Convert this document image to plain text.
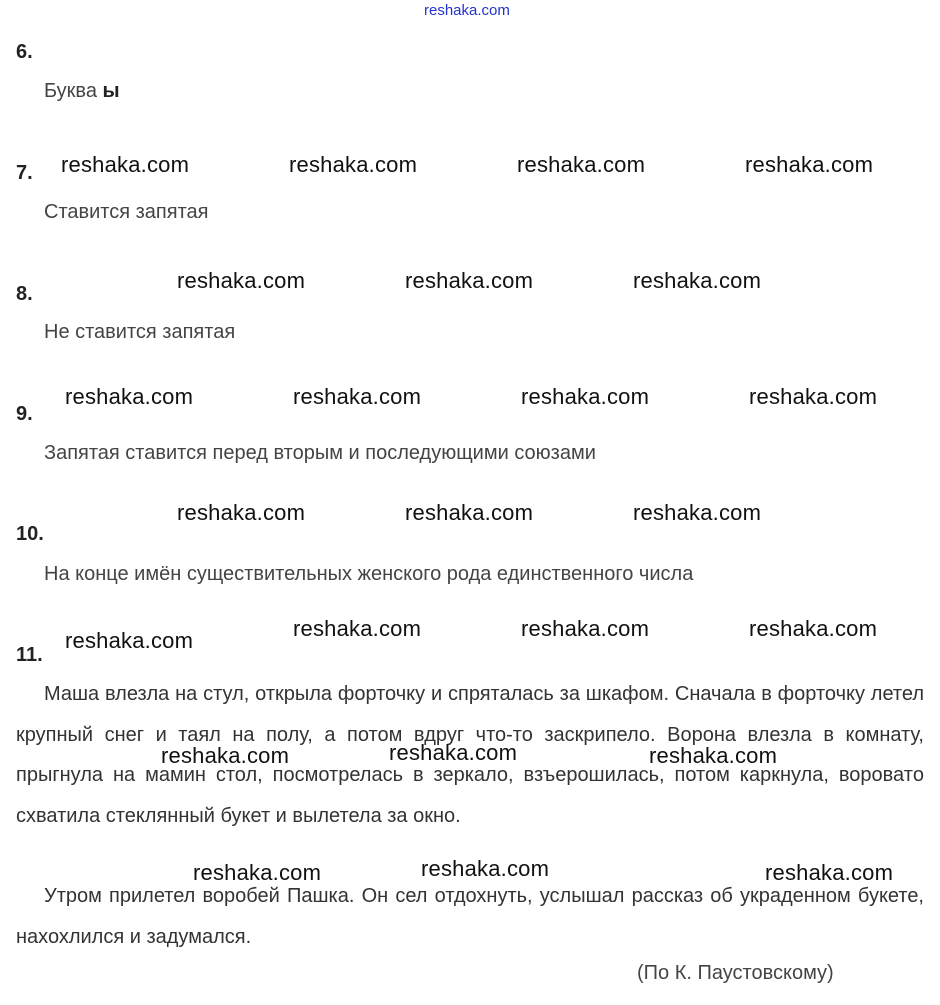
reshaka.com
6.
Буква ы
7.
Ставится запятая
8.
Не ставится запятая
9.
Запятая ставится перед вторым и последующими союзами
10.
На конце имён существительных женского рода единственного числа
11.
Маша влезла на стул, открыла форточку и спряталась за шкафом. Сначала в форточку летел крупный снег и таял на полу, а потом вдруг что-то заскрипело. Ворона влезла в комнату, прыгнула на мамин стол, посмотрелась в зеркало, взъерошилась, потом каркнула, вороватo схватила стеклянный букет и вылетела за окно.
Утром прилетел воробей Пашка. Он сел отдохнуть, услышал рассказ об украденном букете, нахохлился и задумался.
(По К. Паустовскому)
reshaka.com	reshaka.com	reshaka.com	reshaka.com
reshaka.com	reshaka.com	reshaka.com
reshaka.com	reshaka.com	reshaka.com	reshaka.com
reshaka.com	reshaka.com	reshaka.com
reshaka.com	reshaka.com	reshaka.com	reshaka.com
reshaka.com	reshaka.com	reshaka.com
reshaka.com	reshaka.com	reshaka.com
